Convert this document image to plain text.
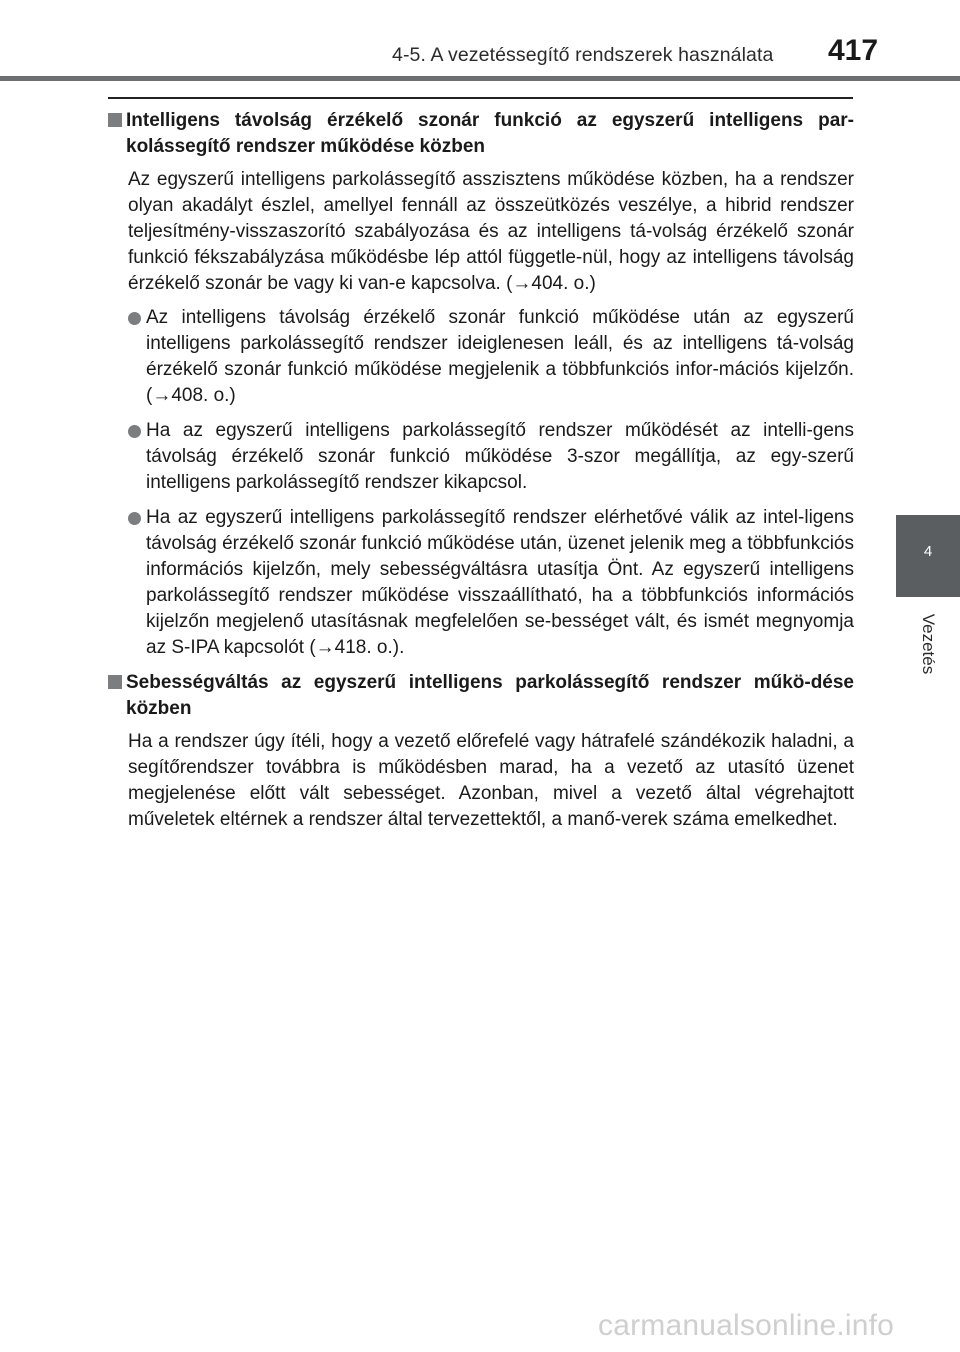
4-5. A vezetéssegítő rendszerek használata 417
4
Vezetés
Intelligens távolság érzékelő szonár funkció az egyszerű intelligens par-kolássegítő rendszer működése közben

Az egyszerű intelligens parkolássegítő asszisztens működése közben, ha a rendszer olyan akadályt észlel, amellyel fennáll az összeütközés veszélye, a hibrid rendszer teljesítmény-visszaszorító szabályozása és az intelligens tá-volság érzékelő szonár funkció fékszabályzása működésbe lép attól függetle-nül, hogy az intelligens távolság érzékelő szonár be vagy ki van-e kapcsolva. (→404. o.)

Az intelligens távolság érzékelő szonár funkció működése után az egyszerű intelligens parkolássegítő rendszer ideiglenesen leáll, és az intelligens tá-volság érzékelő szonár funkció működése megjelenik a többfunkciós infor-mációs kijelzőn. (→408. o.)
Ha az egyszerű intelligens parkolássegítő rendszer működését az intelli-gens távolság érzékelő szonár funkció működése 3-szor megállítja, az egy-szerű intelligens parkolássegítő rendszer kikapcsol.
Ha az egyszerű intelligens parkolássegítő rendszer elérhetővé válik az intel-ligens távolság érzékelő szonár funkció működése után, üzenet jelenik meg a többfunkciós információs kijelzőn, mely sebességváltásra utasítja Önt. Az egyszerű intelligens parkolássegítő rendszer működése visszaállítható, ha a többfunkciós információs kijelzőn megjelenő utasításnak megfelelően se-bességet vált, és ismét megnyomja az S-IPA kapcsolót (→418. o.).
Sebességváltás az egyszerű intelligens parkolássegítő rendszer műkö-dése közben

Ha a rendszer úgy ítéli, hogy a vezető előrefelé vagy hátrafelé szándékozik haladni, a segítőrendszer továbbra is működésben marad, ha a vezető az utasító üzenet megjelenése előtt vált sebességet. Azonban, mivel a vezető által végrehajtott műveletek eltérnek a rendszer által tervezettektől, a manő-verek száma emelkedhet.

carmanualsonline.info
